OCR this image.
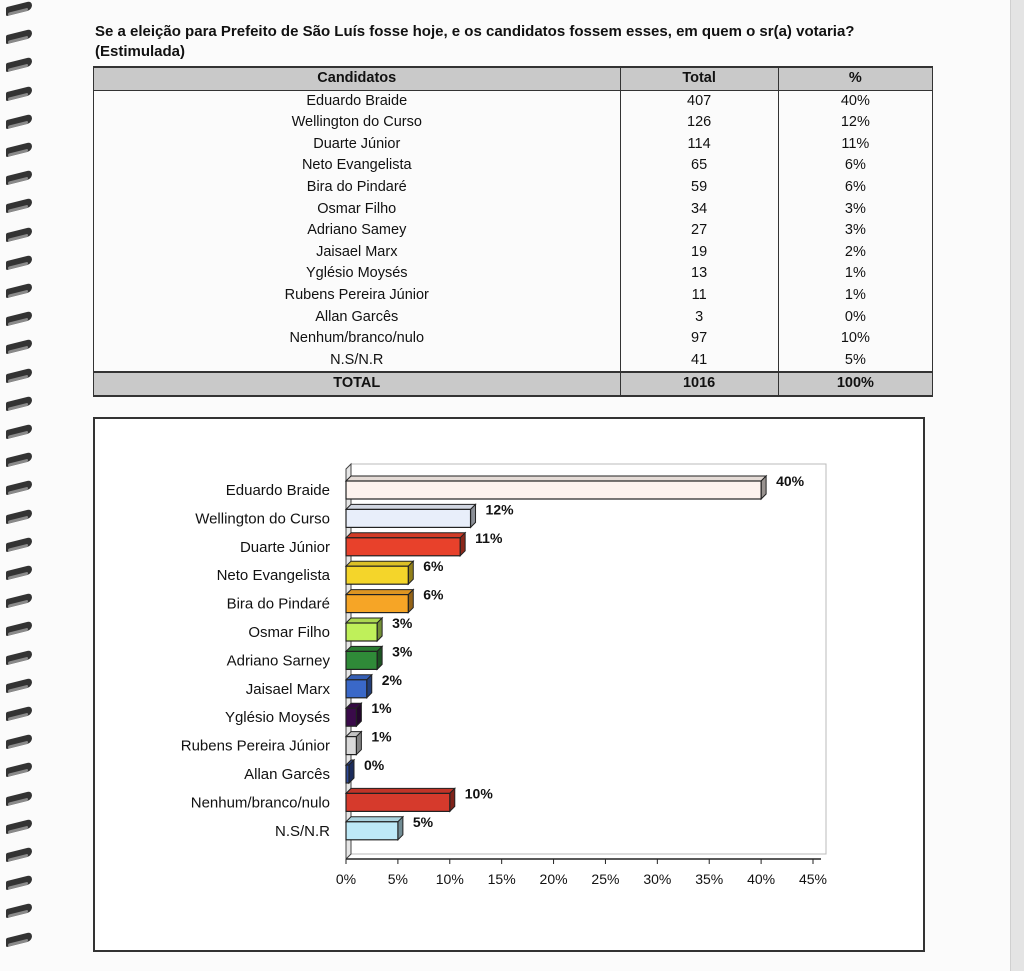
Se a eleição para Prefeito de São Luís fosse hoje, e os candidatos fossem esses, em quem o sr(a) votaria? (Estimulada)
Candidatos	Total	%
Eduardo Braide	407	40%
Wellington do Curso	126	12%
Duarte Júnior	114	11%
Neto Evangelista	65	6%
Bira do Pindaré	59	6%
Osmar Filho	34	3%
Adriano Samey	27	3%
Jaisael Marx	19	2%
Yglésio Moysés	13	1%
Rubens Pereira Júnior	11	1%
Allan Garcês	3	0%
Nenhum/branco/nulo	97	10%
N.S/N.R	41	5%
TOTAL	1016	100%
0% 5% 10% 15% 20% 25% 30% 35% 40% 45%
Eduardo Braide
40%
Wellington do Curso
12%
Duarte Júnior
11%
Neto Evangelista
6%
Bira do Pindaré
6%
Osmar Filho
3%
Adriano Sarney
3%
Jaisael Marx
2%
Yglésio Moysés
1%
Rubens Pereira Júnior
1%
Allan Garcês
0%
Nenhum/branco/nulo
10%
N.S/N.R
5%
